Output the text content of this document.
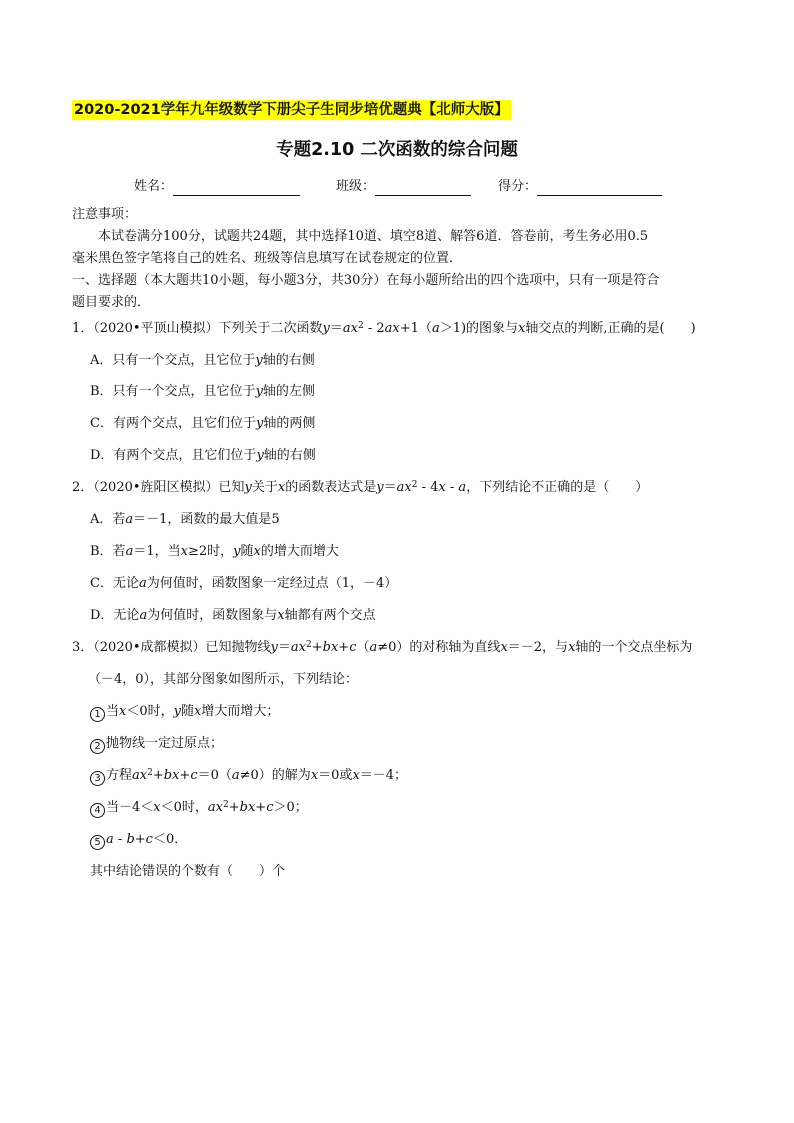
2020-2021学年九年级数学下册尖子生同步培优题典【北师大版】
专题2.10 二次函数的综合问题
姓名：	班级：	得分：
注意事项：
本试卷满分100分，试题共24题，其中选择10道、填空8道、解答6道．答卷前，考生务必用0.5
毫米黑色签字笔将自己的姓名、班级等信息填写在试卷规定的位置．
一、选择题（本大题共10小题，每小题3分，共30分）在每小题所给出的四个选项中，只有一项是符合
题目要求的．
1．（2020•平顶山模拟）下列关于二次函数$y=ax^2 - 2ax+1(a>1)$的图象与x轴交点的判断,正确的是(　　)
A．只有一个交点，且它位于y轴的右侧
B．只有一个交点，且它位于y轴的左侧
C．有两个交点，且它们位于y轴的两侧
D．有两个交点，且它们位于y轴的右侧
2．（2020•旌阳区模拟）已知y关于x的函数表达式是$y=ax^2 - 4x - a$，下列结论不正确的是（　　）
A．若a＝－1，函数的最大值是5
B．若a＝1，当x≥2时，y随x的增大而增大
C．无论a为何值时，函数图象一定经过点（1，－4）
D．无论a为何值时，函数图象与x轴都有两个交点
3．（2020•成都模拟）已知抛物线$y=ax^2+bx+c(a\ne 0)$的对称轴为直线x＝－2，与x轴的一个交点坐标为
（－4，0），其部分图象如图所示，下列结论：
1 当x＜0时，y随x增大而增大；
2 抛物线一定过原点；
3 方程$ax^2+bx+c=0(a\ne 0)$的解为x＝0或x＝－4；
4 当－4＜x＜0时，$ax^2+bx+c>0$；
5 a - b+c＜0．
其中结论错误的个数有（　　）个
